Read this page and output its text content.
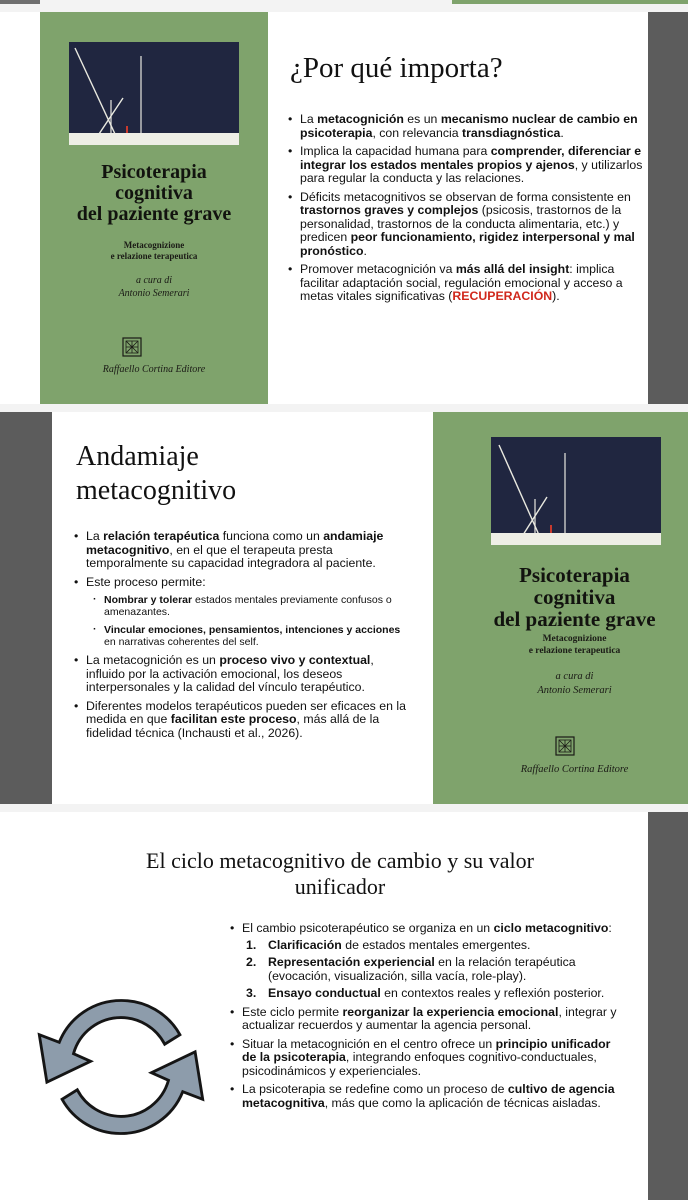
Psicoterapia
cognitiva
del paziente grave
Metacognizione
e relazione terapeutica
a cura di
Antonio Semerari
Raffaello Cortina Editore
¿Por qué importa?
• La metacognición es un mecanismo nuclear de cambio en psicoterapia, con relevancia transdiagnóstica.
• Implica la capacidad humana para comprender, diferenciar e integrar los estados mentales propios y ajenos, y utilizarlos para regular la conducta y las relaciones.
• Déficits metacognitivos se observan de forma consistente en trastornos graves y complejos (psicosis, trastornos de la personalidad, trastornos de la conducta alimentaria, etc.) y predicen peor funcionamiento, rigidez interpersonal y mal pronóstico.
• Promover metacognición va más allá del insight: implica facilitar adaptación social, regulación emocional y acceso a metas vitales significativas (RECUPERACIÓN).
Psicoterapia
cognitiva
del paziente grave
Metacognizione
e relazione terapeutica
a cura di
Antonio Semerari
Raffaello Cortina Editore
Andamiaje
metacognitivo
• La relación terapéutica funciona como un andamiaje metacognitivo, en el que el terapeuta presta temporalmente su capacidad integradora al paciente.
• Este proceso permite:
· Nombrar y tolerar estados mentales previamente confusos o amenazantes.
· Vincular emociones, pensamientos, intenciones y acciones en narrativas coherentes del self.
• La metacognición es un proceso vivo y contextual, influido por la activación emocional, los deseos interpersonales y la calidad del vínculo terapéutico.
• Diferentes modelos terapéuticos pueden ser eficaces en la medida en que facilitan este proceso, más allá de la fidelidad técnica (Inchausti et al., 2026).
El ciclo metacognitivo de cambio y su valor
unificador
• El cambio psicoterapéutico se organiza en un ciclo metacognitivo:
1. Clarificación de estados mentales emergentes.
2. Representación experiencial en la relación terapéutica (evocación, visualización, silla vacía, role-play).
3. Ensayo conductual en contextos reales y reflexión posterior.
• Este ciclo permite reorganizar la experiencia emocional, integrar y actualizar recuerdos y aumentar la agencia personal.
• Situar la metacognición en el centro ofrece un principio unificador de la psicoterapia, integrando enfoques cognitivo-conductuales, psicodinámicos y experienciales.
• La psicoterapia se redefine como un proceso de cultivo de agencia metacognitiva, más que como la aplicación de técnicas aisladas.
